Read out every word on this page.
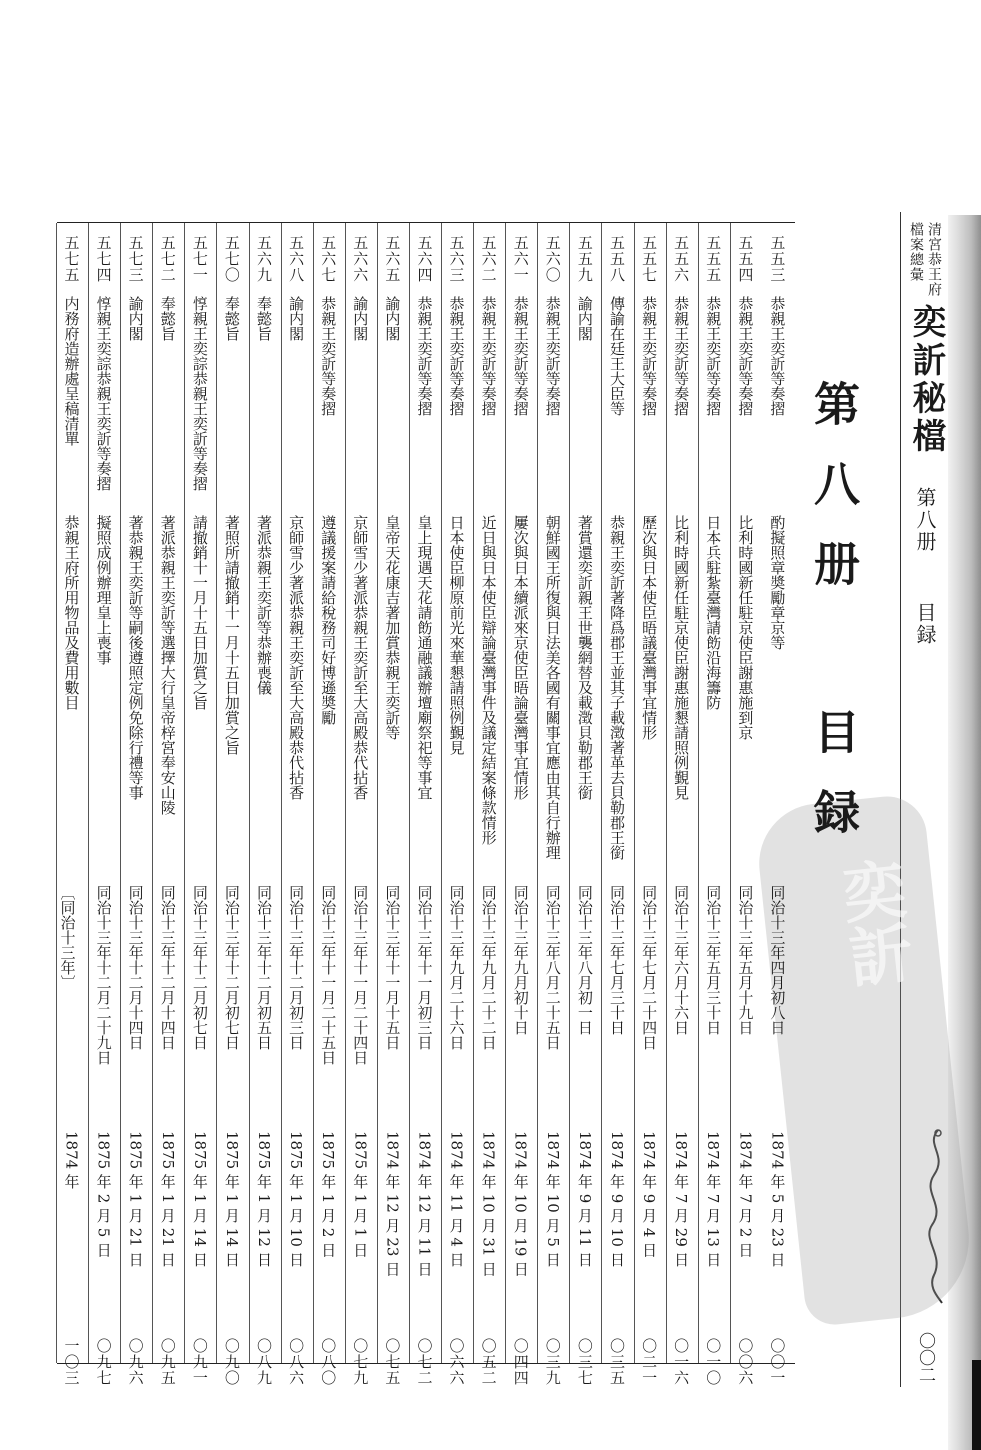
清宮恭王府
檔案總彙
奕訢秘檔
第八册
目録
〇〇二
奕訢
第八册 目録
五五三
恭親王奕訢等奏摺
酌擬照章奬勵章京等
同治十三年四月初八日
1874 年 5 月 23 日
〇〇一
五五四
恭親王奕訢等奏摺
比利時國新任駐京使臣謝惠施到京
同治十三年五月十九日
1874 年 7 月 2 日
〇〇六
五五五
恭親王奕訢等奏摺
日本兵駐紮臺灣請飭沿海籌防
同治十三年五月三十日
1874 年 7 月 13 日
〇一〇
五五六
恭親王奕訢等奏摺
比利時國新任駐京使臣謝惠施懇請照例覲見
同治十三年六月十六日
1874 年 7 月 29 日
〇一六
五五七
恭親王奕訢等奏摺
歷次與日本使臣晤議臺灣事宜情形
同治十三年七月二十四日
1874 年 9 月 4 日
〇二一
五五八
傳諭在廷王大臣等
恭親王奕訢著降爲郡王並其子載澂著革去貝勒郡王銜
同治十三年七月三十日
1874 年 9 月 10 日
〇三五
五五九
諭内閣
著賞還奕訢親王世襲網替及載澂貝勒郡王銜
同治十三年八月初一日
1874 年 9 月 11 日
〇三七
五六〇
恭親王奕訢等奏摺
朝鮮國王所復與日法美各國有關事宜應由其自行辦理
同治十三年八月二十五日
1874 年 10 月 5 日
〇三九
五六一
恭親王奕訢等奏摺
屢次與日本續派來京使臣晤論臺灣事宜情形
同治十三年九月初十日
1874 年 10 月 19 日
〇四四
五六二
恭親王奕訢等奏摺
近日與日本使臣辯論臺灣事件及議定結案條款情形
同治十三年九月二十二日
1874 年 10 月 31 日
〇五二
五六三
恭親王奕訢等奏摺
日本使臣柳原前光來華懇請照例覲見
同治十三年九月二十六日
1874 年 11 月 4 日
〇六六
五六四
恭親王奕訢等奏摺
皇上現遇天花請飭通融議辦壇廟祭祀等事宜
同治十三年十一月初三日
1874 年 12 月 11 日
〇七二
五六五
諭内閣
皇帝天花康吉著加賞恭親王奕訢等
同治十三年十一月十五日
1874 年 12 月 23 日
〇七五
五六六
諭内閣
京師雪少著派恭親王奕訢至大高殿恭代拈香
同治十三年十一月二十四日
1875 年 1 月 1 日
〇七九
五六七
恭親王奕訢等奏摺
遵議援案請給稅務司好博遜奬勵
同治十三年十一月二十五日
1875 年 1 月 2 日
〇八〇
五六八
諭内閣
京師雪少著派恭親王奕訢至大高殿恭代拈香
同治十三年十二月初三日
1875 年 1 月 10 日
〇八六
五六九
奉懿旨
著派恭親王奕訢等恭辦喪儀
同治十三年十二月初五日
1875 年 1 月 12 日
〇八九
五七〇
奉懿旨
著照所請撤銷十一月十五日加賞之旨
同治十三年十二月初七日
1875 年 1 月 14 日
〇九〇
五七一
惇親王奕誴恭親王奕訢等奏摺
請撤銷十一月十五日加賞之旨
同治十三年十二月初七日
1875 年 1 月 14 日
〇九一
五七二
奉懿旨
著派恭親王奕訢等選擇大行皇帝梓宮奉安山陵
同治十三年十二月十四日
1875 年 1 月 21 日
〇九五
五七三
諭内閣
著恭親王奕訢等嗣後遵照定例免除行禮等事
同治十三年十二月十四日
1875 年 1 月 21 日
〇九六
五七四
惇親王奕誴恭親王奕訢等奏摺
擬照成例辦理皇上喪事
同治十三年十二月二十九日
1875 年 2 月 5 日
〇九七
五七五
内務府造辦處呈稿清單
恭親王府所用物品及費用數目
〔同治十三年〕
1874 年
一〇三
